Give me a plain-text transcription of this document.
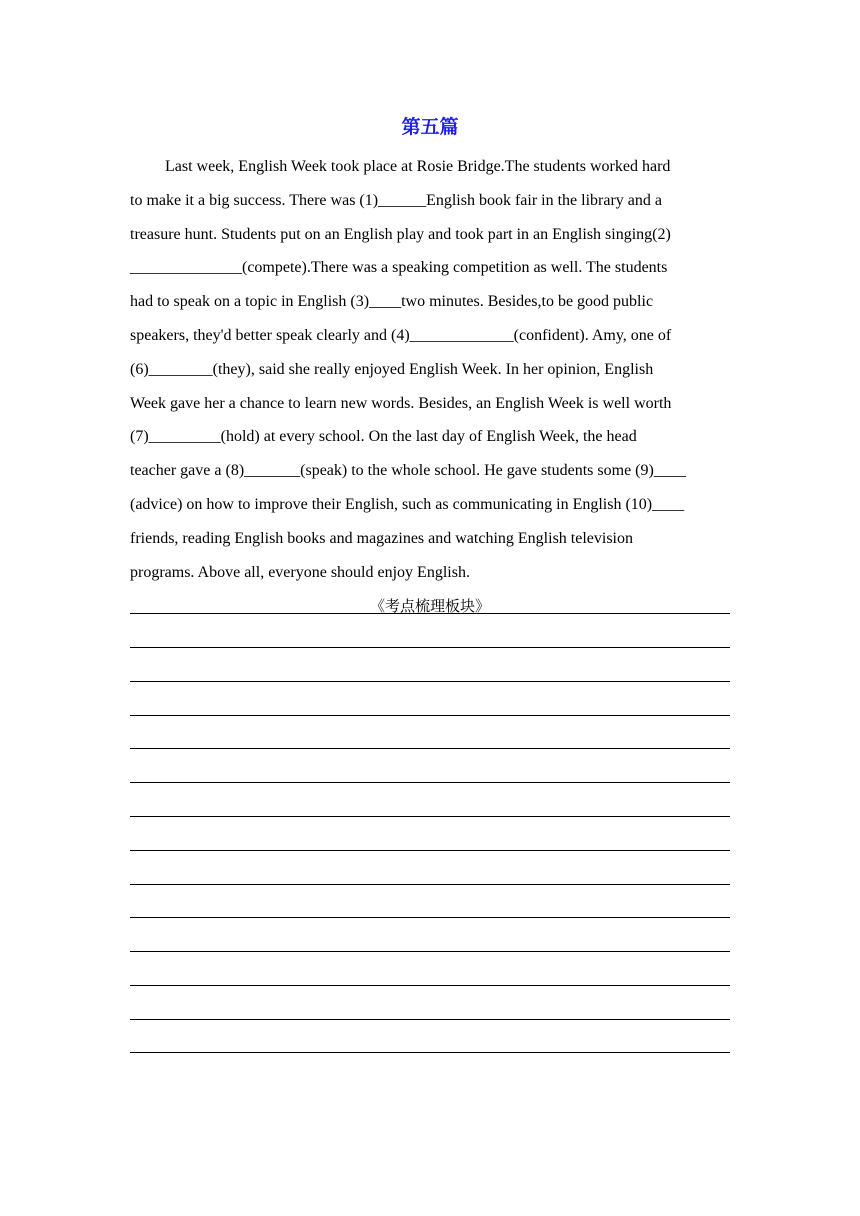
第五篇
Last week, English Week took place at Rosie Bridge.The students worked hard
to make it a big success. There was (1)______English book fair in the library and a
treasure hunt. Students put on an English play and took part in an English singing(2)
______________(compete).There was a speaking competition as well. The students
had to speak on a topic in English (3)____two minutes. Besides,to be good public
speakers, they'd better speak clearly and (4)_____________(confident). Amy, one of
(6)________(they), said she really enjoyed English Week. In her opinion, English
Week gave her a chance to learn new words. Besides, an English Week is well worth
(7)_________(hold) at every school. On the last day of English Week, the head
teacher gave a (8)_______(speak) to the whole school. He gave students some (9)____
(advice) on how to improve their English, such as communicating in English (10)____
friends, reading English books and magazines and watching English television
programs. Above all, everyone should enjoy English.
《考点梳理板块》
